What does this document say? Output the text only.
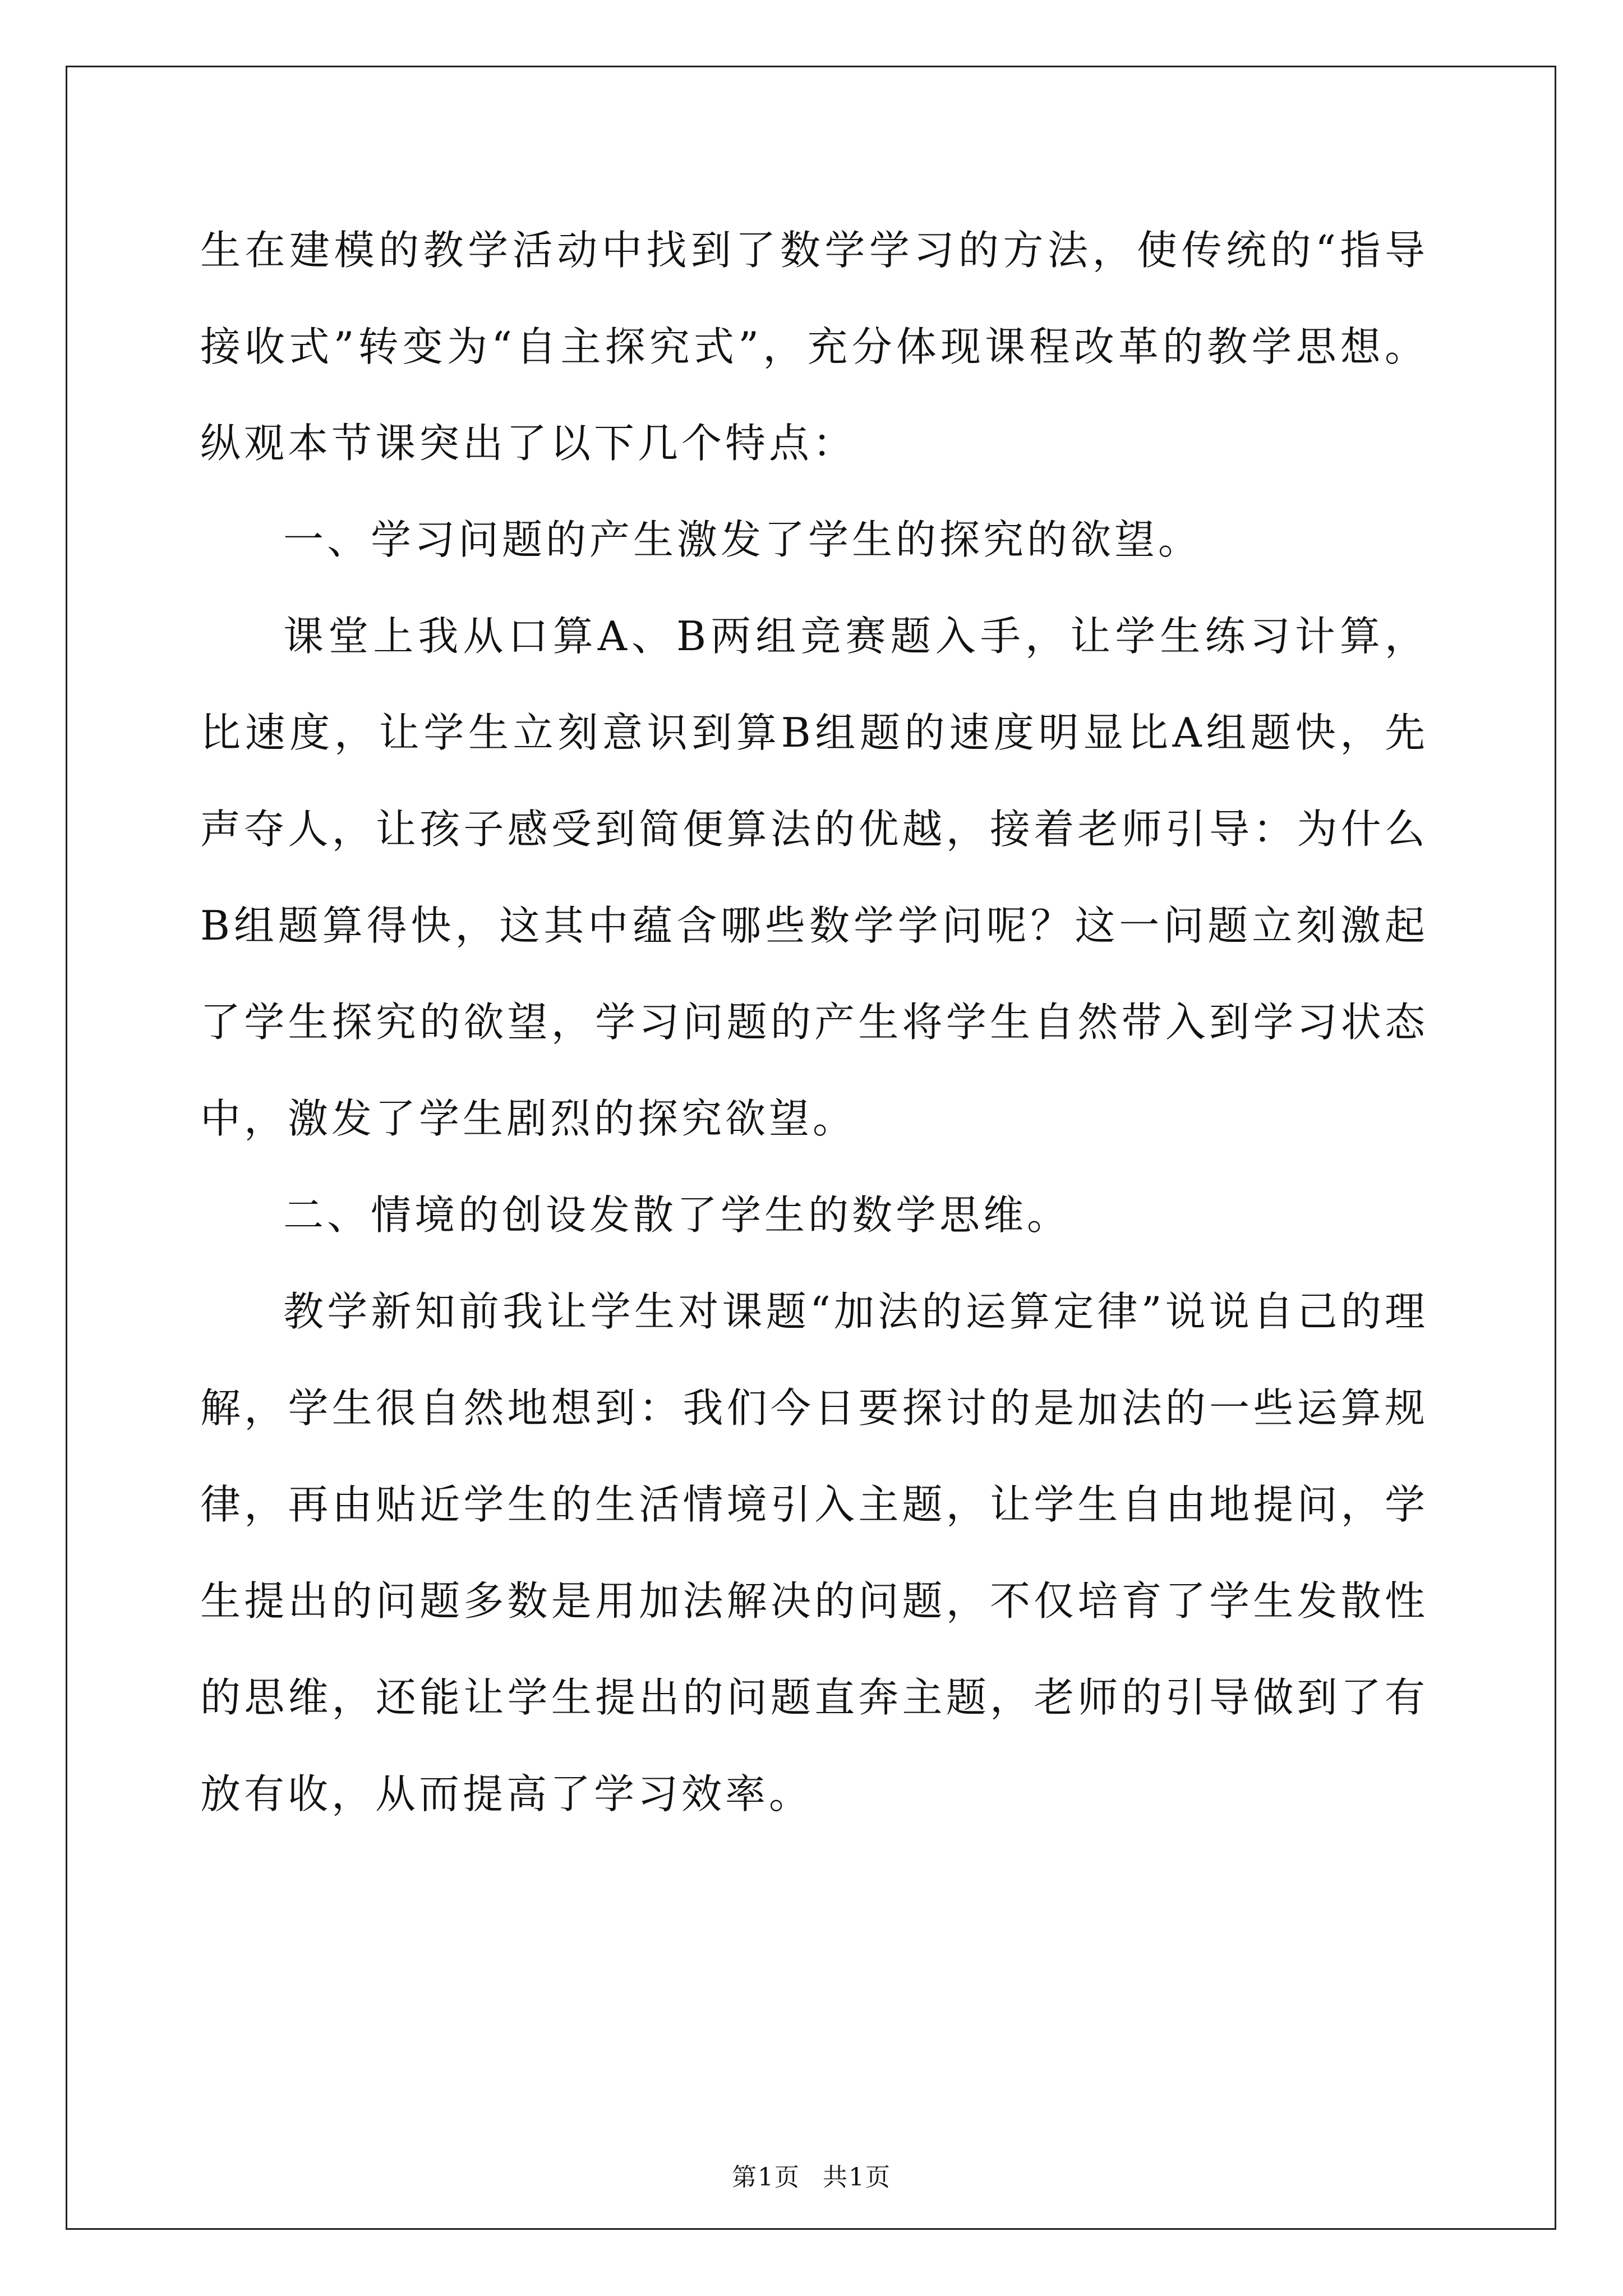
生在建模的教学活动中找到了数学学习的方法，使传统的“指导接收式”转变为“自主探究式”，充分体现课程改革的教学思想。 纵观本节课突出了以下几个特点：

一、学习问题的产生激发了学生的探究的欲望。

课堂上我从口算A、B两组竞赛题入手，让学生练习计算，比速度，让学生立刻意识到算B组题的速度明显比A组题快，先声夺人，让孩子感受到简便算法的优越，接着老师引导：为什么B组题算得快，这其中蕴含哪些数学学问呢？这一问题立刻激起了学生探究的欲望，学习问题的产生将学生自然带入到学习状态中，激发了学生剧烈的探究欲望。

二、情境的创设发散了学生的数学思维。

教学新知前我让学生对课题“加法的运算定律”说说自己的理解，学生很自然地想到：我们今日要探讨的是加法的一些运算规律，再由贴近学生的生活情境引入主题，让学生自由地提问，学生提出的问题多数是用加法解决的问题，不仅培育了学生发散性的思维，还能让学生提出的问题直奔主题，老师的引导做到了有放有收，从而提高了学习效率。

第1页 共1页
